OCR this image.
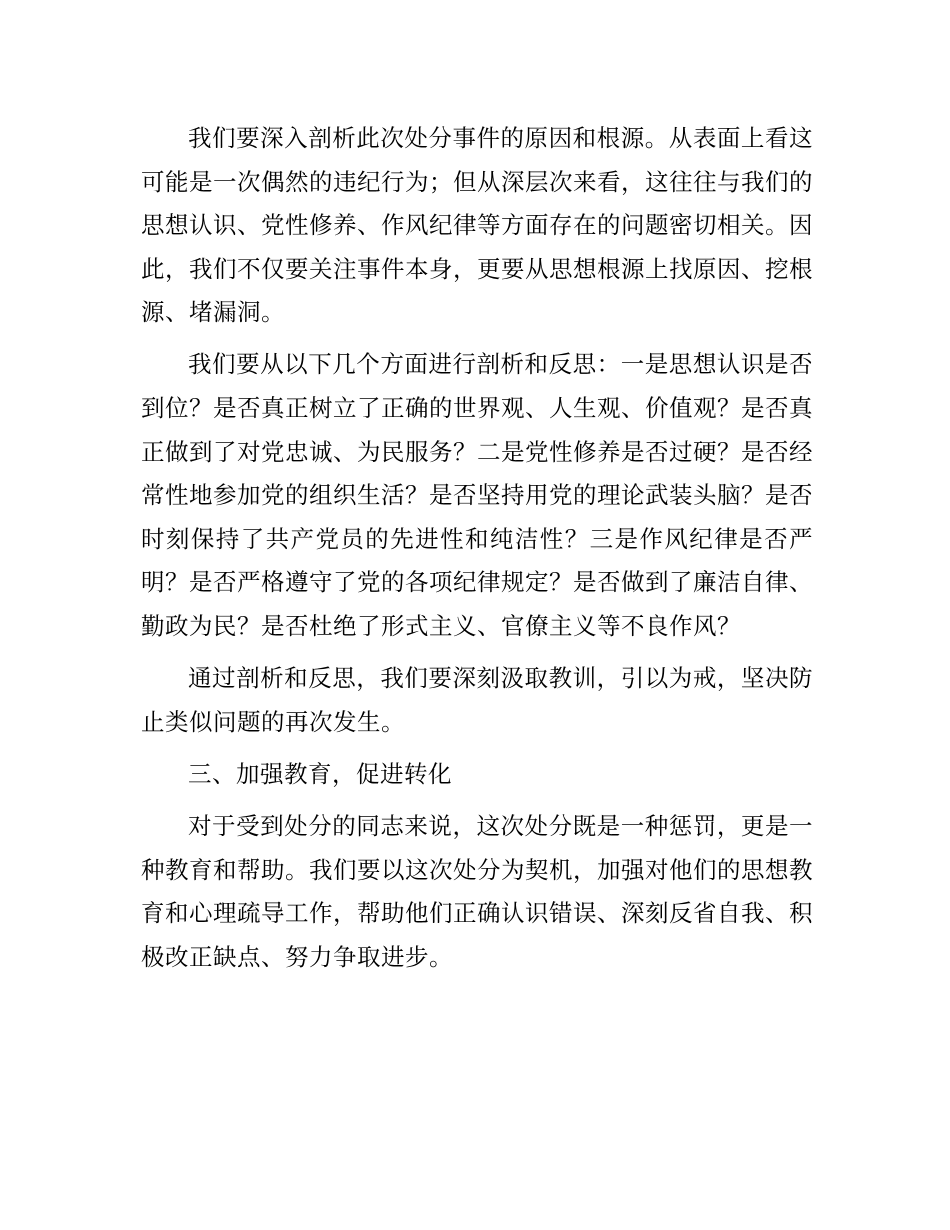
我们要深入剖析此次处分事件的原因和根源。从表面上看这可能是一次偶然的违纪行为；但从深层次来看，这往往与我们的思想认识、党性修养、作风纪律等方面存在的问题密切相关。因此，我们不仅要关注事件本身，更要从思想根源上找原因、挖根源、堵漏洞。

我们要从以下几个方面进行剖析和反思：一是思想认识是否到位？是否真正树立了正确的世界观、人生观、价值观？是否真正做到了对党忠诚、为民服务？二是党性修养是否过硬？是否经常性地参加党的组织生活？是否坚持用党的理论武装头脑？是否时刻保持了共产党员的先进性和纯洁性？三是作风纪律是否严明？是否严格遵守了党的各项纪律规定？是否做到了廉洁自律、勤政为民？是否杜绝了形式主义、官僚主义等不良作风？

通过剖析和反思，我们要深刻汲取教训，引以为戒，坚决防止类似问题的再次发生。

三、加强教育，促进转化

对于受到处分的同志来说，这次处分既是一种惩罚，更是一种教育和帮助。我们要以这次处分为契机，加强对他们的思想教育和心理疏导工作，帮助他们正确认识错误、深刻反省自我、积极改正缺点、努力争取进步。
